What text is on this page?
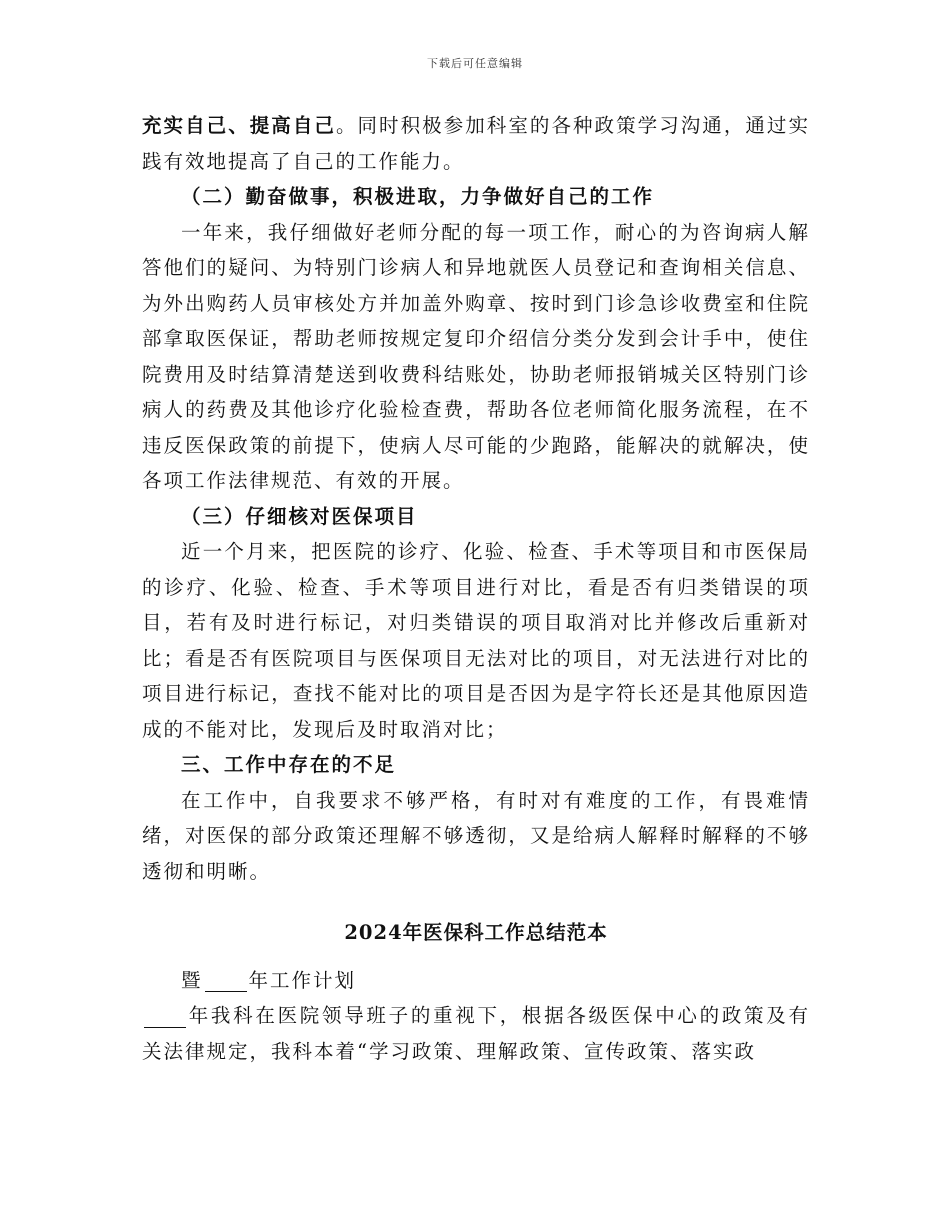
下载后可任意编辑

充实自己、提高自己。同时积极参加科室的各种政策学习沟通，通过实践有效地提高了自己的工作能力。

（二）勤奋做事，积极进取，力争做好自己的工作

一年来，我仔细做好老师分配的每一项工作，耐心的为咨询病人解答他们的疑问、为特别门诊病人和异地就医人员登记和查询相关信息、为外出购药人员审核处方并加盖外购章、按时到门诊急诊收费室和住院部拿取医保证，帮助老师按规定复印介绍信分类分发到会计手中，使住院费用及时结算清楚送到收费科结账处，协助老师报销城关区特别门诊病人的药费及其他诊疗化验检查费，帮助各位老师简化服务流程，在不违反医保政策的前提下，使病人尽可能的少跑路，能解决的就解决，使各项工作法律规范、有效的开展。

（三）仔细核对医保项目

近一个月来，把医院的诊疗、化验、检查、手术等项目和市医保局的诊疗、化验、检查、手术等项目进行对比，看是否有归类错误的项目，若有及时进行标记，对归类错误的项目取消对比并修改后重新对比；看是否有医院项目与医保项目无法对比的项目，对无法进行对比的项目进行标记，查找不能对比的项目是否因为是字符长还是其他原因造成的不能对比，发现后及时取消对比；

三、工作中存在的不足

在工作中，自我要求不够严格，有时对有难度的工作，有畏难情绪，对医保的部分政策还理解不够透彻，又是给病人解释时解释的不够透彻和明晰。

2024年医保科工作总结范本

暨 年工作计划

年我科在医院领导班子的重视下，根据各级医保中心的政策及有关法律规定，我科本着“学习政策、理解政策、宣传政策、落实政
